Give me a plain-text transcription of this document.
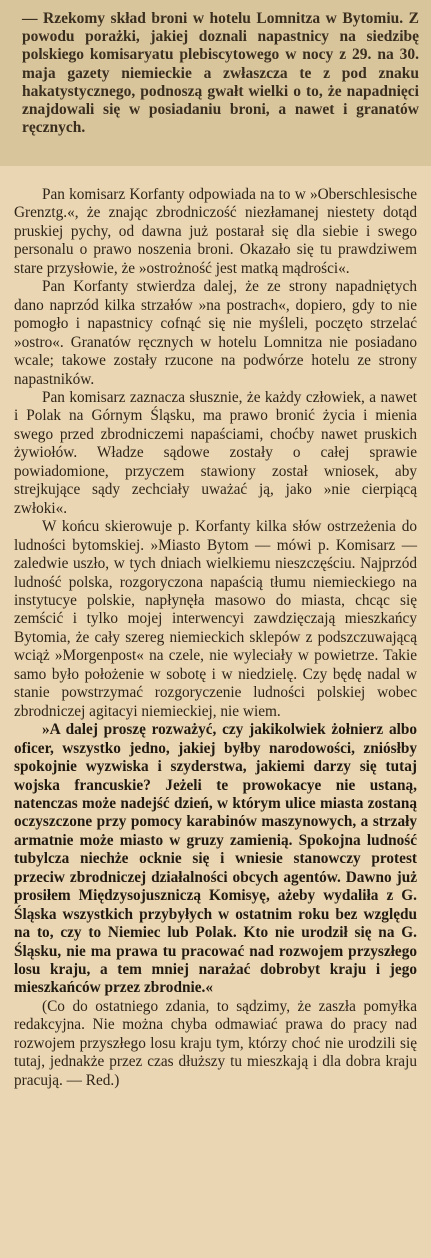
— Rzekomy skład broni w hotelu Lomnitza w Bytomiu. Z powodu porażki, jakiej doznali napastnicy na siedzibę polskiego komisaryatu plebiscytowego w nocy z 29. na 30. maja gazety niemieckie a zwłaszcza te z pod znaku hakatystycznego, podnoszą gwałt wielki o to, że napadnięci znajdowali się w posiadaniu broni, a nawet i granatów ręcznych.

Pan komisarz Korfanty odpowiada na to w »Oberschlesische Grenztg.«, że znając zbrodniczość niezłamanej niestety dotąd pruskiej pychy, od dawna już postarał się dla siebie i swego personalu o prawo noszenia broni. Okazało się tu prawdziwem stare przysłowie, że »ostrożność jest matką mądrości«.

Pan Korfanty stwierdza dalej, że ze strony napadniętych dano naprzód kilka strzałów »na postrach«, dopiero, gdy to nie pomogło i napastnicy cofnąć się nie myśleli, poczęto strzelać »ostro«. Granatów ręcznych w hotelu Lomnitza nie posiadano wcale; takowe zostały rzucone na podwórze hotelu ze strony napastników.

Pan komisarz zaznacza słusznie, że każdy człowiek, a nawet i Polak na Górnym Śląsku, ma prawo bronić życia i mienia swego przed zbrodniczemi napaściami, choćby nawet pruskich żywiołów. Władze sądowe zostały o całej sprawie powiadomione, przyczem stawiony został wniosek, aby strejkujące sądy zechciały uważać ją, jako »nie cierpiącą zwłoki«.

W końcu skierowuje p. Korfanty kilka słów ostrzeżenia do ludności bytomskiej. »Miasto Bytom — mówi p. Komisarz — zaledwie uszło, w tych dniach wielkiemu nieszczęściu. Najprzód ludność polska, rozgoryczona napaścią tłumu niemieckiego na instytucye polskie, napłynęła masowo do miasta, chcąc się zemścić i tylko mojej interwencyi zawdzięczają mieszkańcy Bytomia, że cały szereg niemieckich sklepów z podszczuwającą wciąż »Morgenpost« na czele, nie wyleciały w powietrze. Takie samo było położenie w sobotę i w niedzielę. Czy będę nadal w stanie powstrzymać rozgoryczenie ludności polskiej wobec zbrodniczej agitacyi niemieckiej, nie wiem.

»A dalej proszę rozważyć, czy jakikolwiek żołnierz albo oficer, wszystko jedno, jakiej byłby narodowości, zniósłby spokojnie wyzwiska i szyderstwa, jakiemi darzy się tutaj wojska francuskie? Jeżeli te prowokacye nie ustaną, natenczas może nadejść dzień, w którym ulice miasta zostaną oczyszczone przy pomocy karabinów maszynowych, a strzały armatnie może miasto w gruzy zamienią. Spokojna ludność tubylcza niechże ocknie się i wniesie stanowczy protest przeciw zbrodniczej działalności obcych agentów. Dawno już prosiłem Międzysojuszniczą Komisyę, ażeby wydaliła z G. Śląska wszystkich przybyłych w ostatnim roku bez względu na to, czy to Niemiec lub Polak. Kto nie urodził się na G. Śląsku, nie ma prawa tu pracować nad rozwojem przyszłego losu kraju, a tem mniej narażać dobrobyt kraju i jego mieszkańców przez zbrodnie.«

(Co do ostatniego zdania, to sądzimy, że zaszła pomyłka redakcyjna. Nie można chyba odmawiać prawa do pracy nad rozwojem przyszłego losu kraju tym, którzy choć nie urodzili się tutaj, jednakże przez czas dłuższy tu mieszkają i dla dobra kraju pracują. — Red.)
